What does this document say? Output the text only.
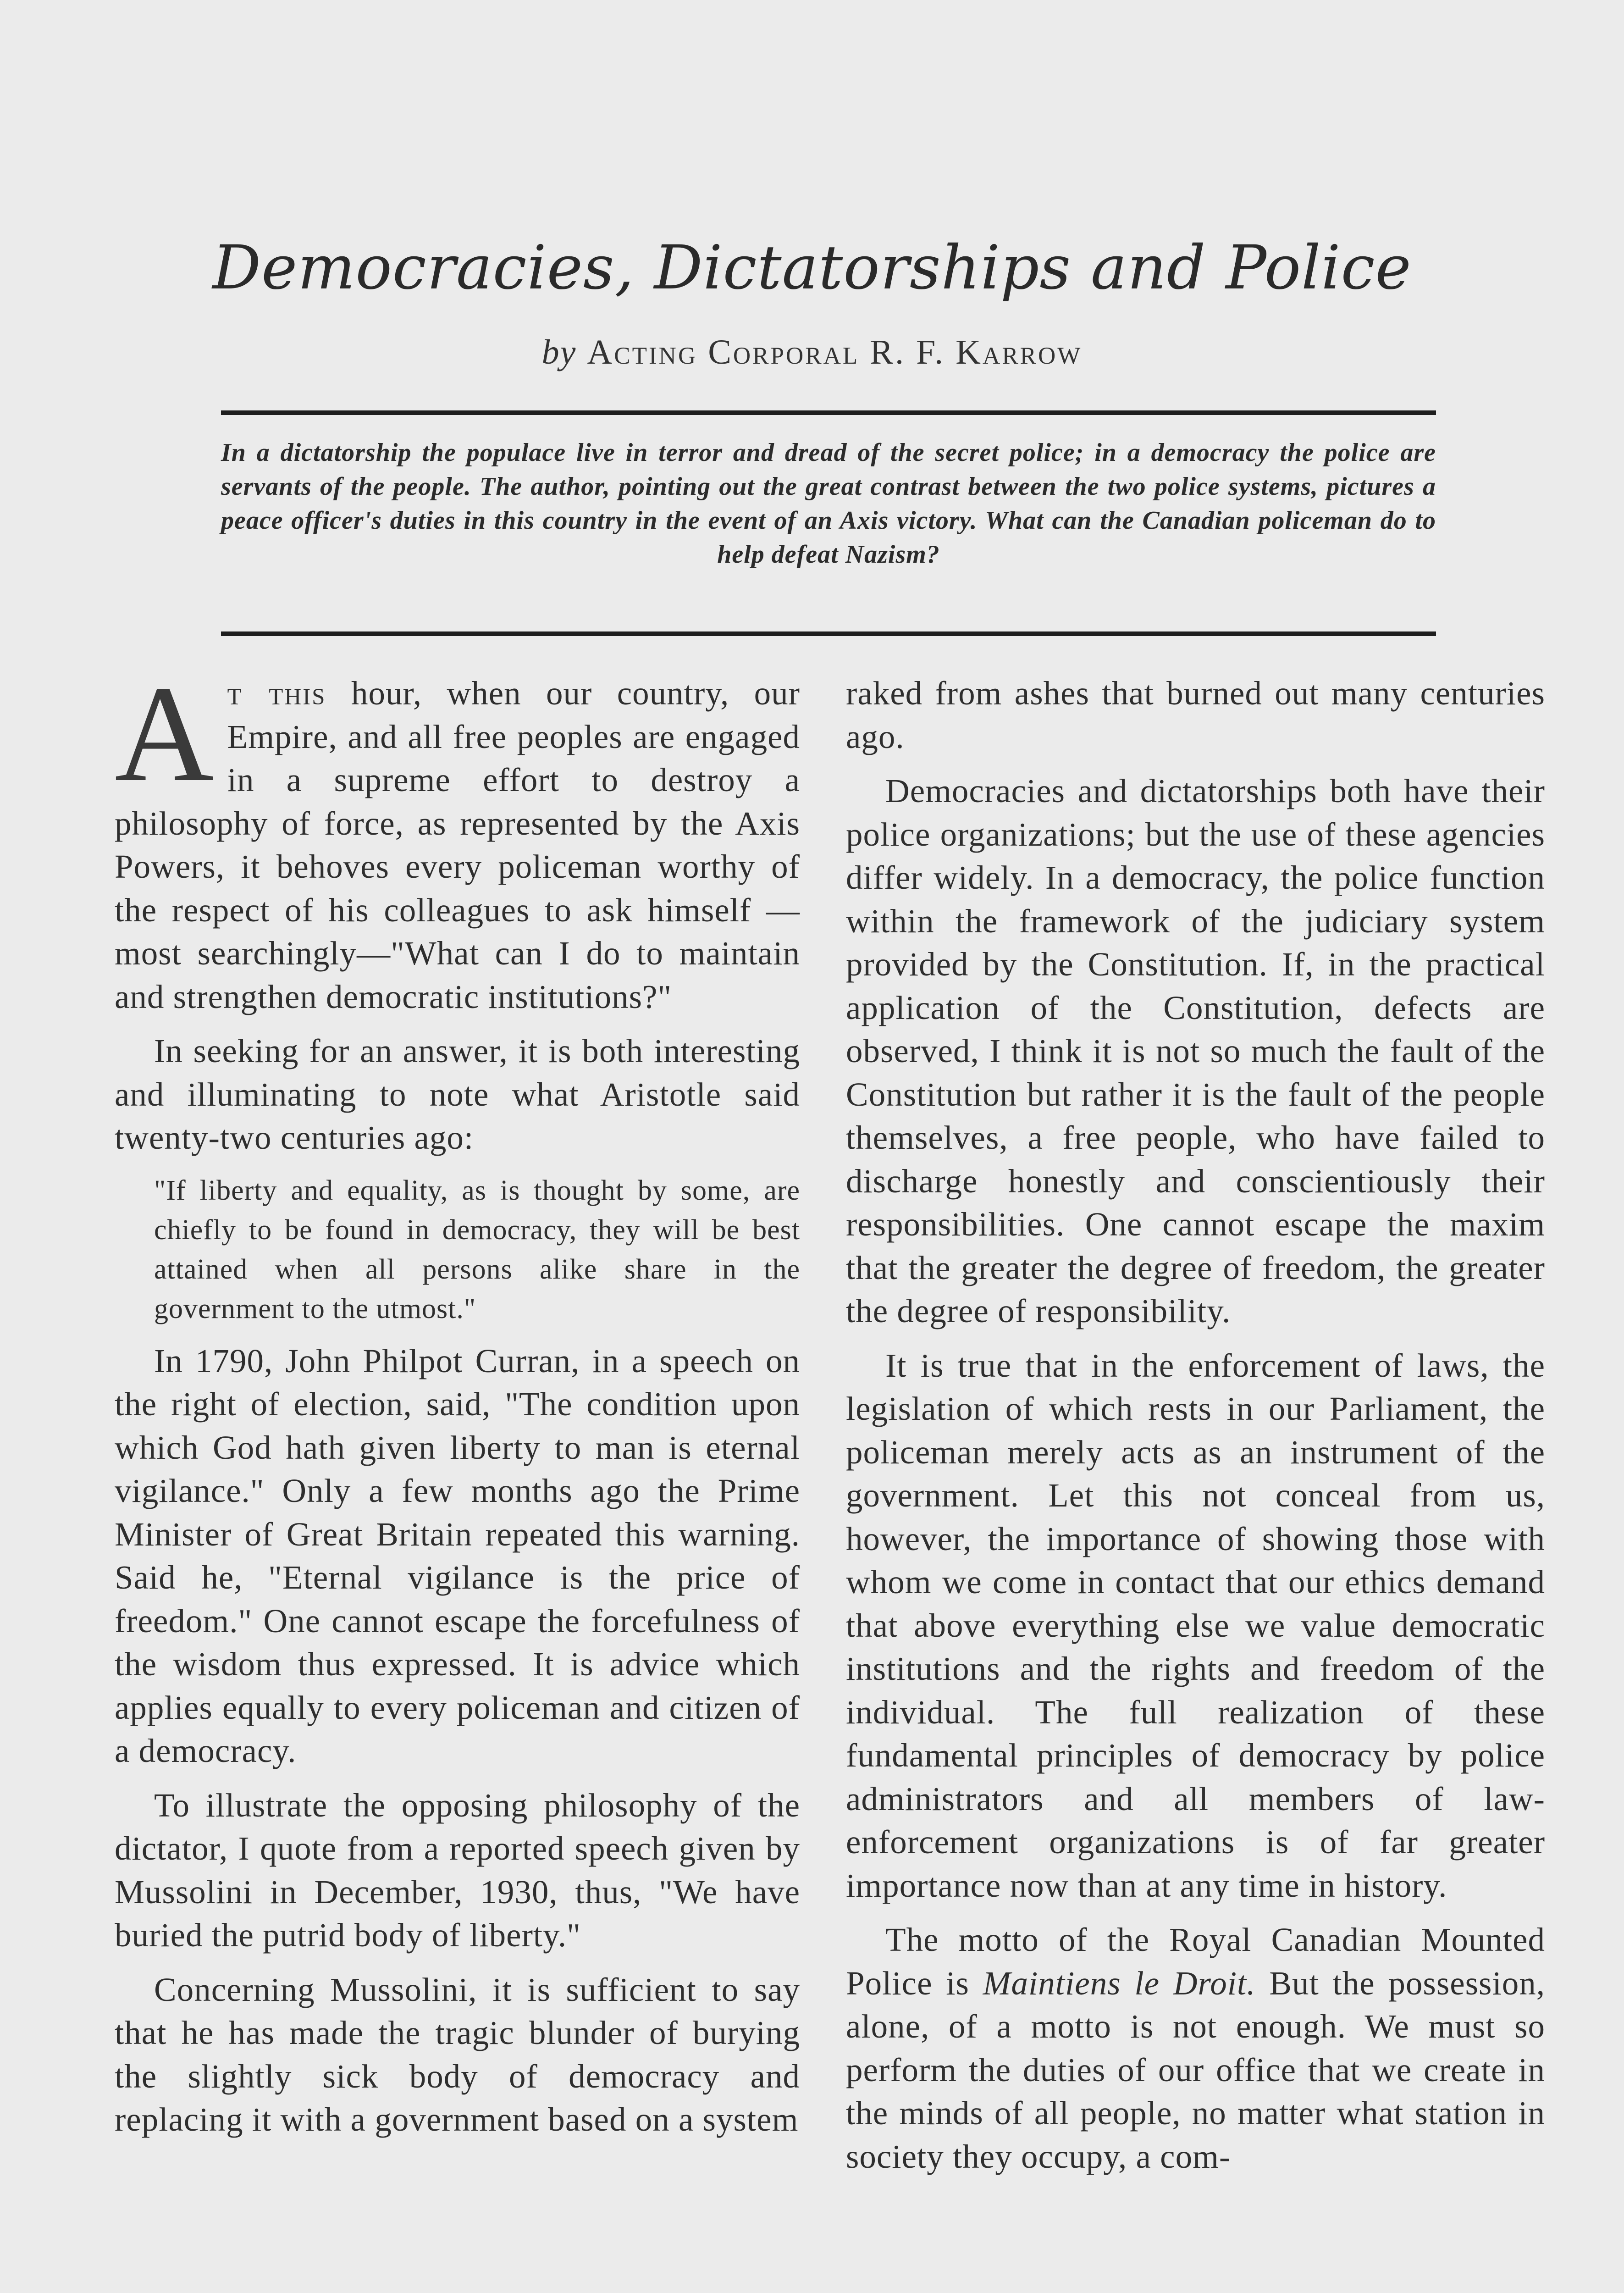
Democracies, Dictatorships and Police
by Acting Corporal R. F. Karrow
In a dictatorship the populace live in terror and dread of the secret police; in a democracy the police are servants of the people. The author, pointing out the great contrast between the two police systems, pictures a peace officer's duties in this country in the event of an Axis victory. What can the Canadian policeman do to help defeat Nazism?

At this hour, when our country, our Empire, and all free peoples are engaged in a supreme effort to destroy a philosophy of force, as represented by the Axis Powers, it behoves every policeman worthy of the respect of his colleagues to ask himself —most searchingly—"What can I do to maintain and strengthen democratic institutions?"

In seeking for an answer, it is both interesting and illuminating to note what Aristotle said twenty-two centuries ago:

"If liberty and equality, as is thought by some, are chiefly to be found in democracy, they will be best attained when all persons alike share in the government to the utmost."

In 1790, John Philpot Curran, in a speech on the right of election, said, "The condition upon which God hath given liberty to man is eternal vigilance." Only a few months ago the Prime Minister of Great Britain repeated this warning. Said he, "Eternal vigilance is the price of freedom." One cannot escape the forcefulness of the wisdom thus expressed. It is advice which applies equally to every policeman and citizen of a democracy.

To illustrate the opposing philosophy of the dictator, I quote from a reported speech given by Mussolini in December, 1930, thus, "We have buried the putrid body of liberty."

Concerning Mussolini, it is sufficient to say that he has made the tragic blunder of burying the slightly sick body of democracy and replacing it with a government based on a system

raked from ashes that burned out many centuries ago.

Democracies and dictatorships both have their police organizations; but the use of these agencies differ widely. In a democracy, the police function within the framework of the judiciary system provided by the Constitution. If, in the practical application of the Constitution, defects are observed, I think it is not so much the fault of the Constitution but rather it is the fault of the people themselves, a free people, who have failed to discharge honestly and conscientiously their responsibilities. One cannot escape the maxim that the greater the degree of freedom, the greater the degree of responsibility.

It is true that in the enforcement of laws, the legislation of which rests in our Parliament, the policeman merely acts as an instrument of the government. Let this not conceal from us, however, the importance of showing those with whom we come in contact that our ethics demand that above everything else we value democratic institutions and the rights and freedom of the individual. The full realization of these fundamental principles of democracy by police administrators and all members of law-enforcement organizations is of far greater importance now than at any time in history.

The motto of the Royal Canadian Mounted Police is Maintiens le Droit. But the possession, alone, of a motto is not enough. We must so perform the duties of our office that we create in the minds of all people, no matter what station in society they occupy, a com-
